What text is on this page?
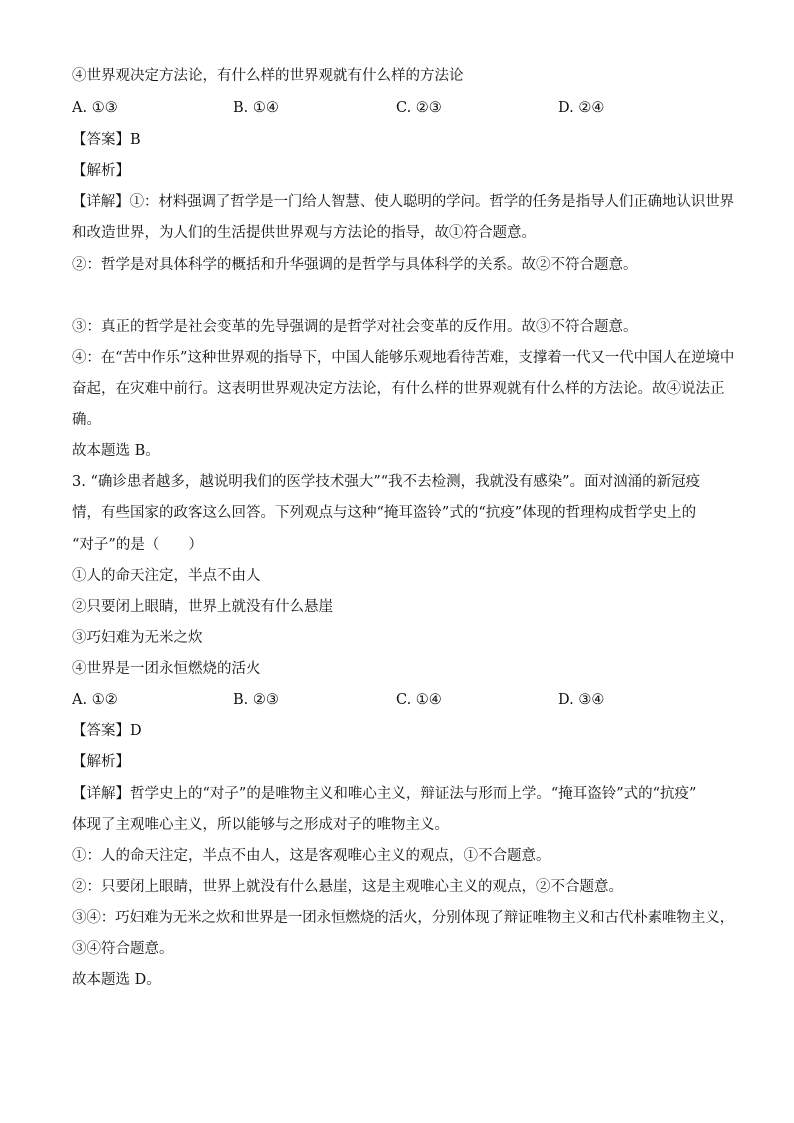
④世界观决定方法论，有什么样的世界观就有什么样的方法论
A. ①③	B. ①④	C. ②③	D. ②④
【答案】B
【解析】
【详解】①：材料强调了哲学是一门给人智慧、使人聪明的学问。哲学的任务是指导人们正确地认识世界
和改造世界，为人们的生活提供世界观与方法论的指导，故①符合题意。
②：哲学是对具体科学的概括和升华强调的是哲学与具体科学的关系。故②不符合题意。
③：真正的哲学是社会变革的先导强调的是哲学对社会变革的反作用。故③不符合题意。
④：在“苦中作乐”这种世界观的指导下，中国人能够乐观地看待苦难，支撑着一代又一代中国人在逆境中
奋起，在灾难中前行。这表明世界观决定方法论，有什么样的世界观就有什么样的方法论。故④说法正
确。
故本题选 B。
3. “确诊患者越多，越说明我们的医学技术强大”“我不去检测，我就没有感染”。面对汹涌的新冠疫
情，有些国家的政客这么回答。下列观点与这种“掩耳盗铃”式的“抗疫”体现的哲理构成哲学史上的
“对子”的是（　　）
①人的命天注定，半点不由人
②只要闭上眼睛，世界上就没有什么悬崖
③巧妇难为无米之炊
④世界是一团永恒燃烧的活火
A. ①②	B. ②③	C. ①④	D. ③④
【答案】D
【解析】
【详解】哲学史上的“对子”的是唯物主义和唯心主义，辩证法与形而上学。“掩耳盗铃”式的“抗疫”
体现了主观唯心主义，所以能够与之形成对子的唯物主义。
①：人的命天注定，半点不由人，这是客观唯心主义的观点，①不合题意。
②：只要闭上眼睛，世界上就没有什么悬崖，这是主观唯心主义的观点，②不合题意。
③④：巧妇难为无米之炊和世界是一团永恒燃烧的活火，分别体现了辩证唯物主义和古代朴素唯物主义，
③④符合题意。
故本题选 D。
